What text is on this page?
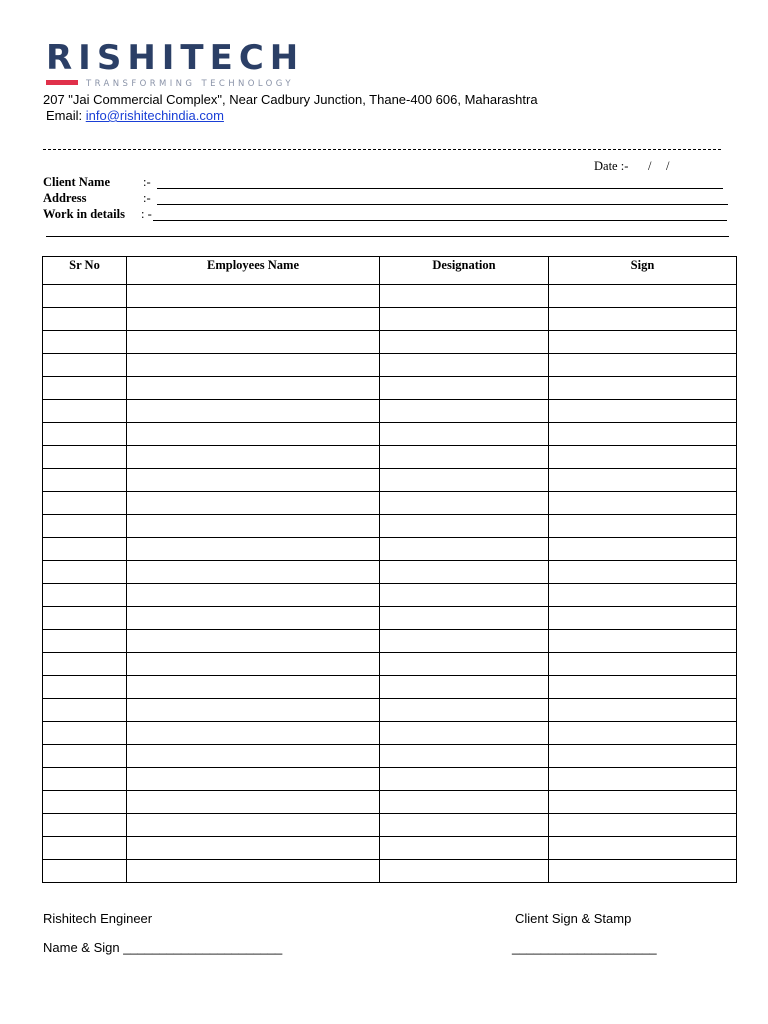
RISHITECH
TRANSFORMING TECHNOLOGY
207 "Jai Commercial Complex", Near Cadbury Junction, Thane-400 606, Maharashtra
Email: info@rishitechindia.com
Date :- / /
Client Name	:-
Address	:-
Work in details : -
Sr No	Employees Name	Designation	Sign

Rishitech Engineer	Client Sign & Stamp
Name & Sign ______________________	____________________
